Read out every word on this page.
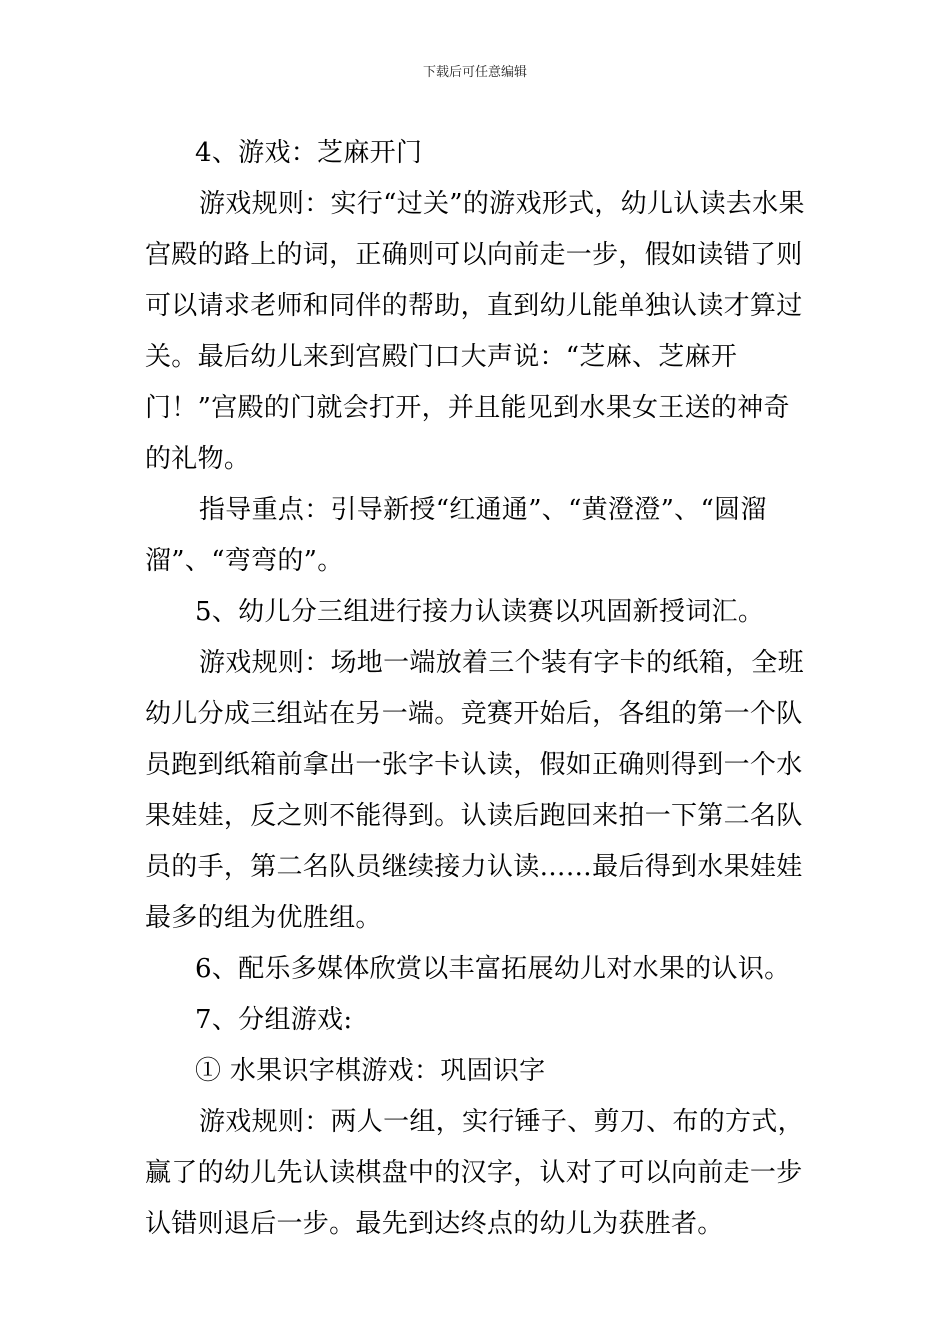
下载后可任意编辑

4、游戏：芝麻开门

游戏规则：实行“过关”的游戏形式，幼儿认读去水果宫殿的路上的词，正确则可以向前走一步，假如读错了则可以请求老师和同伴的帮助，直到幼儿能单独认读才算过关。最后幼儿来到宫殿门口大声说：“芝麻、芝麻开门！”宫殿的门就会打开，并且能见到水果女王送的神奇的礼物。

指导重点：引导新授“红通通”、“黄澄澄”、“圆溜溜”、“弯弯的”。

5、幼儿分三组进行接力认读赛以巩固新授词汇。

游戏规则：场地一端放着三个装有字卡的纸箱，全班幼儿分成三组站在另一端。竞赛开始后，各组的第一个队员跑到纸箱前拿出一张字卡认读，假如正确则得到一个水果娃娃，反之则不能得到。认读后跑回来拍一下第二名队员的手，第二名队员继续接力认读……最后得到水果娃娃最多的组为优胜组。

6、配乐多媒体欣赏以丰富拓展幼儿对水果的认识。

7、分组游戏:

① 水果识字棋游戏：巩固识字

游戏规则：两人一组，实行锤子、剪刀、布的方式，赢了的幼儿先认读棋盘中的汉字，认对了可以向前走一步认错则退后一步。最先到达终点的幼儿为获胜者。
